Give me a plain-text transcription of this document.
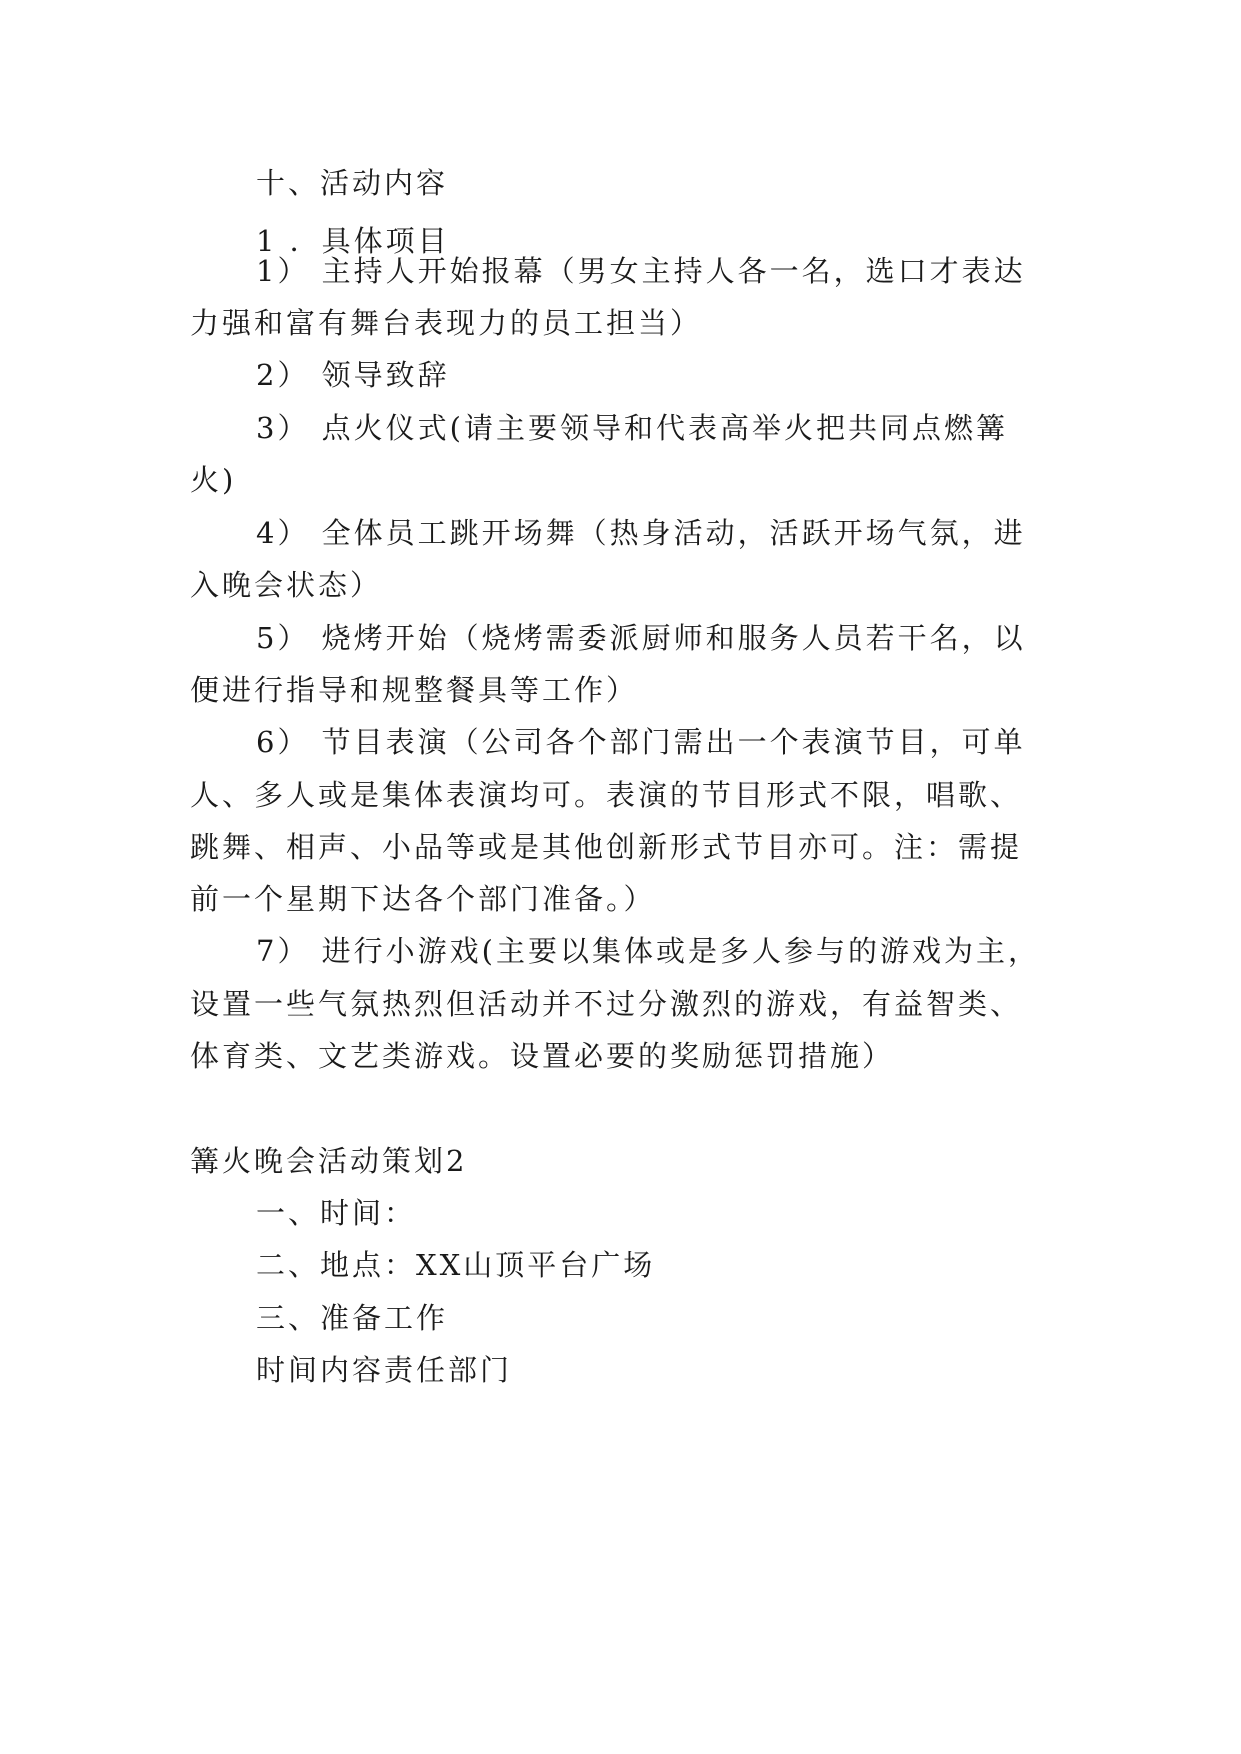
十、活动内容
1 ．具体项目
1） 主持人开始报幕（男女主持人各一名，选口才表达
力强和富有舞台表现力的员工担当）
2） 领导致辞
3） 点火仪式(请主要领导和代表高举火把共同点燃篝
火)
4） 全体员工跳开场舞（热身活动，活跃开场气氛，进
入晚会状态）
5） 烧烤开始（烧烤需委派厨师和服务人员若干名，以
便进行指导和规整餐具等工作）
6） 节目表演（公司各个部门需出一个表演节目，可单
人、多人或是集体表演均可。表演的节目形式不限，唱歌、
跳舞、相声、小品等或是其他创新形式节目亦可。注：需提
前一个星期下达各个部门准备。）
7） 进行小游戏(主要以集体或是多人参与的游戏为主，
设置一些气氛热烈但活动并不过分激烈的游戏，有益智类、
体育类、文艺类游戏。设置必要的奖励惩罚措施）
篝火晚会活动策划2
一、时间：
二、地点：XX山顶平台广场
三、准备工作
时间内容责任部门
